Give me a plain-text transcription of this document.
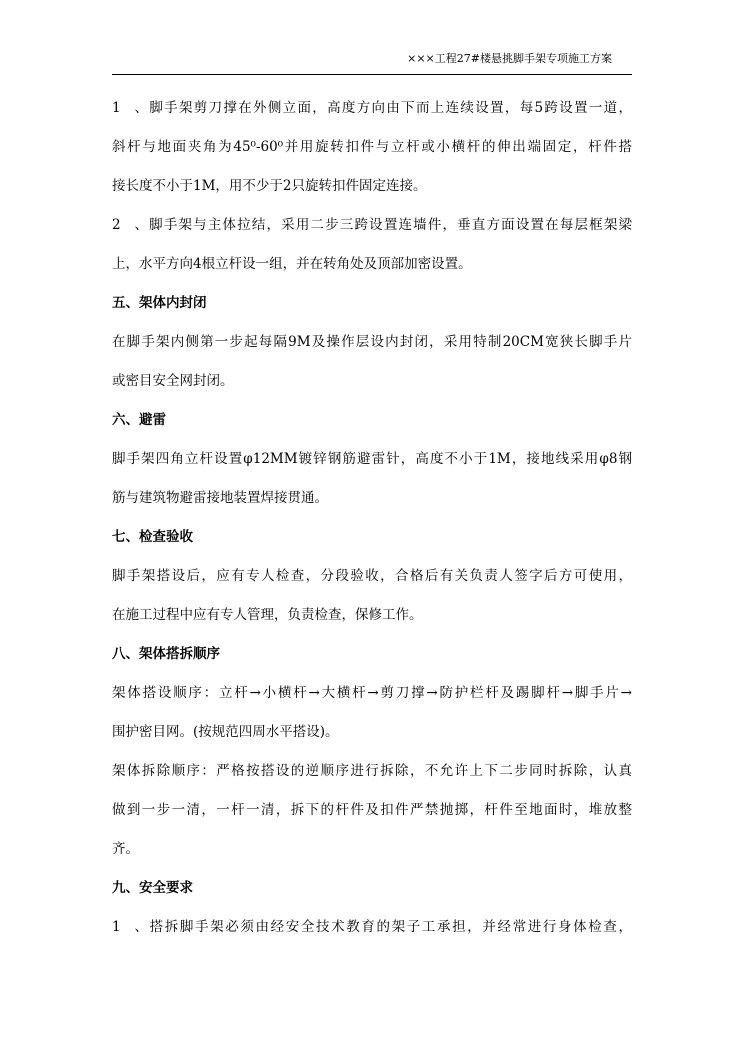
×××工程27#楼悬挑脚手架专项施工方案
1、脚手架剪刀撑在外侧立面，高度方向由下而上连续设置，每5跨设置一道，
斜杆与地面夹角为45⁰-60⁰并用旋转扣件与立杆或小横杆的伸出端固定，杆件搭
接长度不小于1M，用不少于2只旋转扣件固定连接。
2、脚手架与主体拉结，采用二步三跨设置连墙件，垂直方面设置在每层框架梁
上，水平方向4根立杆设一组，并在转角处及顶部加密设置。
五、架体内封闭
在脚手架内侧第一步起每隔9M及操作层设内封闭，采用特制20CM宽狭长脚手片
或密目安全网封闭。
六、避雷
脚手架四角立杆设置φ12MM镀锌钢筋避雷针，高度不小于1M，接地线采用φ8钢
筋与建筑物避雷接地装置焊接贯通。
七、检查验收
脚手架搭设后，应有专人检查，分段验收，合格后有关负责人签字后方可使用，
在施工过程中应有专人管理，负责检查，保修工作。
八、架体搭拆顺序
架体搭设顺序：立杆→小横杆→大横杆→剪刀撑→防护栏杆及踢脚杆→脚手片→
围护密目网。(按规范四周水平搭设)。
架体拆除顺序：严格按搭设的逆顺序进行拆除，不允许上下二步同时拆除，认真
做到一步一清，一杆一清，拆下的杆件及扣件严禁抛掷，杆件至地面时，堆放整
齐。
九、安全要求
1、搭拆脚手架必须由经安全技术教育的架子工承担，并经常进行身体检查，
